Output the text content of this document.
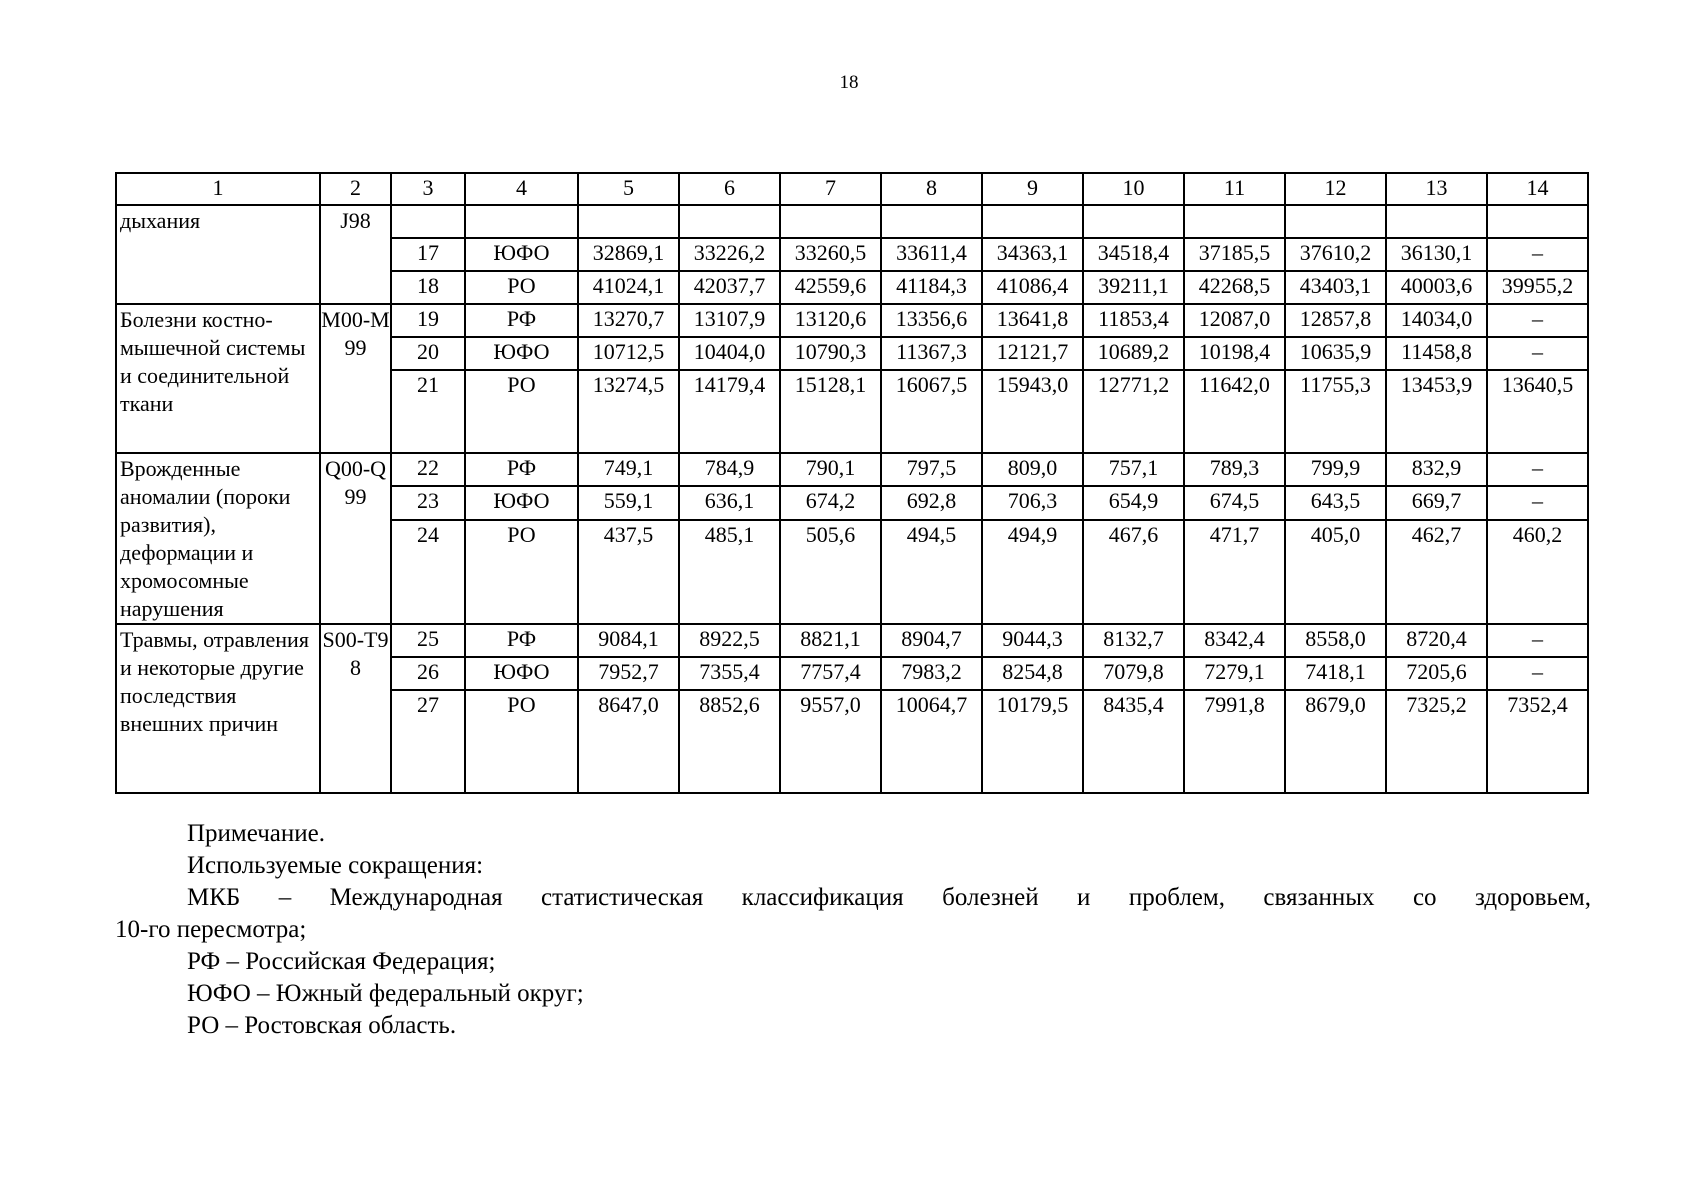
18
1	2	3	4	5	6	7	8	9	10	11	12	13	14
дыхания	J98												
		17	ЮФО	32869,1	33226,2	33260,5	33611,4	34363,1	34518,4	37185,5	37610,2	36130,1	–
		18	РО	41024,1	42037,7	42559,6	41184,3	41086,4	39211,1	42268,5	43403,1	40003,6	39955,2
Болезни костно-мышечной системы и соединительной ткани	M00-M99	19	РФ	13270,7	13107,9	13120,6	13356,6	13641,8	11853,4	12087,0	12857,8	14034,0	–
		20	ЮФО	10712,5	10404,0	10790,3	11367,3	12121,7	10689,2	10198,4	10635,9	11458,8	–
		21	РО	13274,5	14179,4	15128,1	16067,5	15943,0	12771,2	11642,0	11755,3	13453,9	13640,5
Врожденные аномалии (пороки развития), деформации и хромосомные нарушения	Q00-Q99	22	РФ	749,1	784,9	790,1	797,5	809,0	757,1	789,3	799,9	832,9	–
		23	ЮФО	559,1	636,1	674,2	692,8	706,3	654,9	674,5	643,5	669,7	–
		24	РО	437,5	485,1	505,6	494,5	494,9	467,6	471,7	405,0	462,7	460,2
Травмы, отравления и некоторые другие последствия внешних причин	S00-T98	25	РФ	9084,1	8922,5	8821,1	8904,7	9044,3	8132,7	8342,4	8558,0	8720,4	–
		26	ЮФО	7952,7	7355,4	7757,4	7983,2	8254,8	7079,8	7279,1	7418,1	7205,6	–
		27	РО	8647,0	8852,6	9557,0	10064,7	10179,5	8435,4	7991,8	8679,0	7325,2	7352,4

Примечание.

Используемые сокращения:

МКБ – Международная статистическая классификация болезней и проблем, связанных со здоровьем,

10-го пересмотра;

РФ – Российская Федерация;

ЮФО – Южный федеральный округ;

РО – Ростовская область.
